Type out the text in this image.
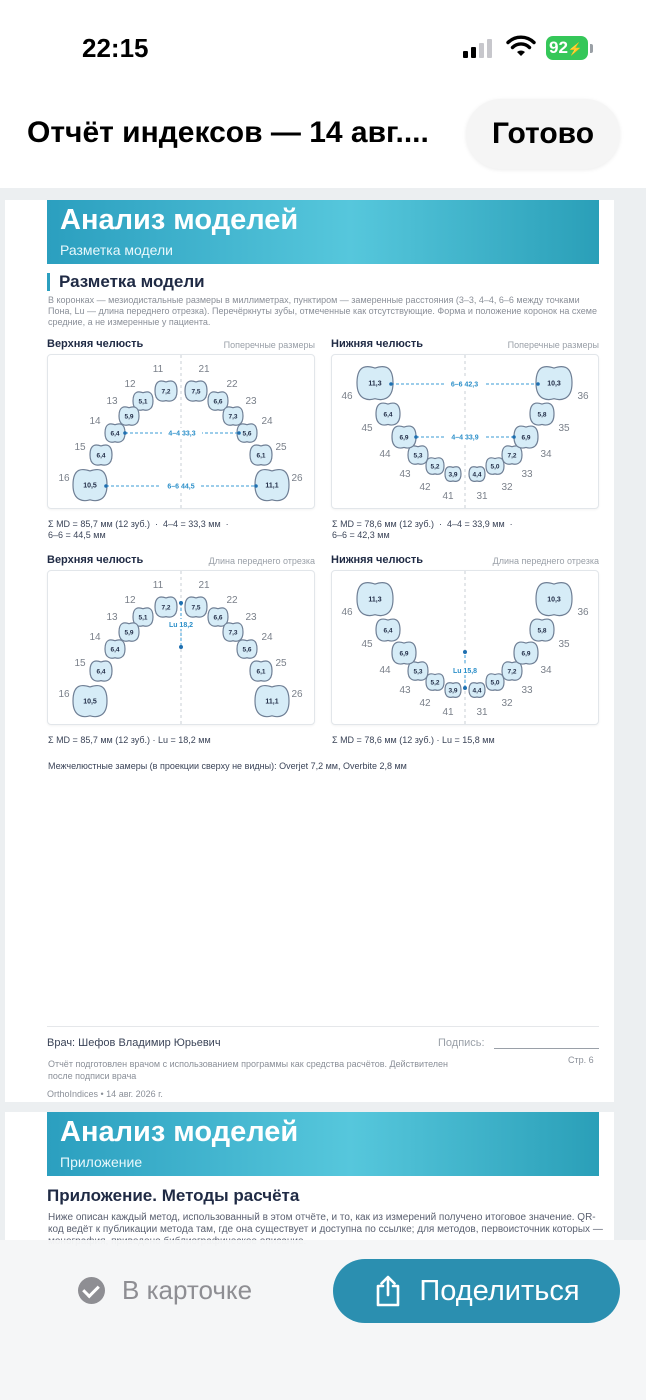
22:15	92⚡
Отчёт индексов — 14 авг....	Готово
Анализ моделей
Разметка модели
Разметка модели
В коронках — мезиодистальные размеры в миллиметрах, пунктиром — замеренные расстояния (3–3, 4–4, 6–6 между точками Пона, Lu — длина переднего отрезка). Перечёркнуты зубы, отмеченные как отсутствующие. Форма и положение коронок на схеме средние, а не измеренные у пациента.
Верхняя челюсть	Поперечные размеры
7,2
11
5,1
12
5,9
13
6,4
14
6,4
15
10,5
16
7,5
21
6,6
22
7,3
23
5,6
24
6,1
25
11,1
26
4–4 33,3
6–6 44,5
Σ MD = 85,7 мм (12 зуб.)  ·  4–4 = 33,3 мм  ·
6–6 = 44,5 мм
Нижняя челюсть	Поперечные размеры
3,9
41
5,2
42
5,3
43
6,9
44
6,4
45
11,3
46
4,4
31
5,0
32
7,2
33
6,9
34
5,8
35
10,3
36
6–6 42,3
4–4 33,9
Σ MD = 78,6 мм (12 зуб.)  ·  4–4 = 33,9 мм  ·
6–6 = 42,3 мм
Верхняя челюсть	Длина переднего отрезка
7,2
11
5,1
12
5,9
13
6,4
14
6,4
15
10,5
16
7,5
21
6,6
22
7,3
23
5,6
24
6,1
25
11,1
26
Lu 18,2
Σ MD = 85,7 мм (12 зуб.) · Lu = 18,2 мм
Нижняя челюсть	Длина переднего отрезка
3,9
41
5,2
42
5,3
43
6,9
44
6,4
45
11,3
46
4,4
31
5,0
32
7,2
33
6,9
34
5,8
35
10,3
36
Lu 15,8
Σ MD = 78,6 мм (12 зуб.) · Lu = 15,8 мм
Межчелюстные замеры (в проекции сверху не видны): Overjet 7,2 мм, Overbite 2,8 мм
Врач: Шефов Владимир Юрьевич	Подпись:
Отчёт подготовлен врачом с использованием программы как средства расчётов. Действителен после подписи врача
Стр. 6
OrthoIndices • 14 авг. 2026 г.
Анализ моделей
Приложение
Приложение. Методы расчёта
Ниже описан каждый метод, использованный в этом отчёте, и то, как из измерений получено итоговое значение. QR-код ведёт к публикации метода там, где она существует и доступна по ссылке; для методов, первоисточник которых —
В карточке	Поделиться
